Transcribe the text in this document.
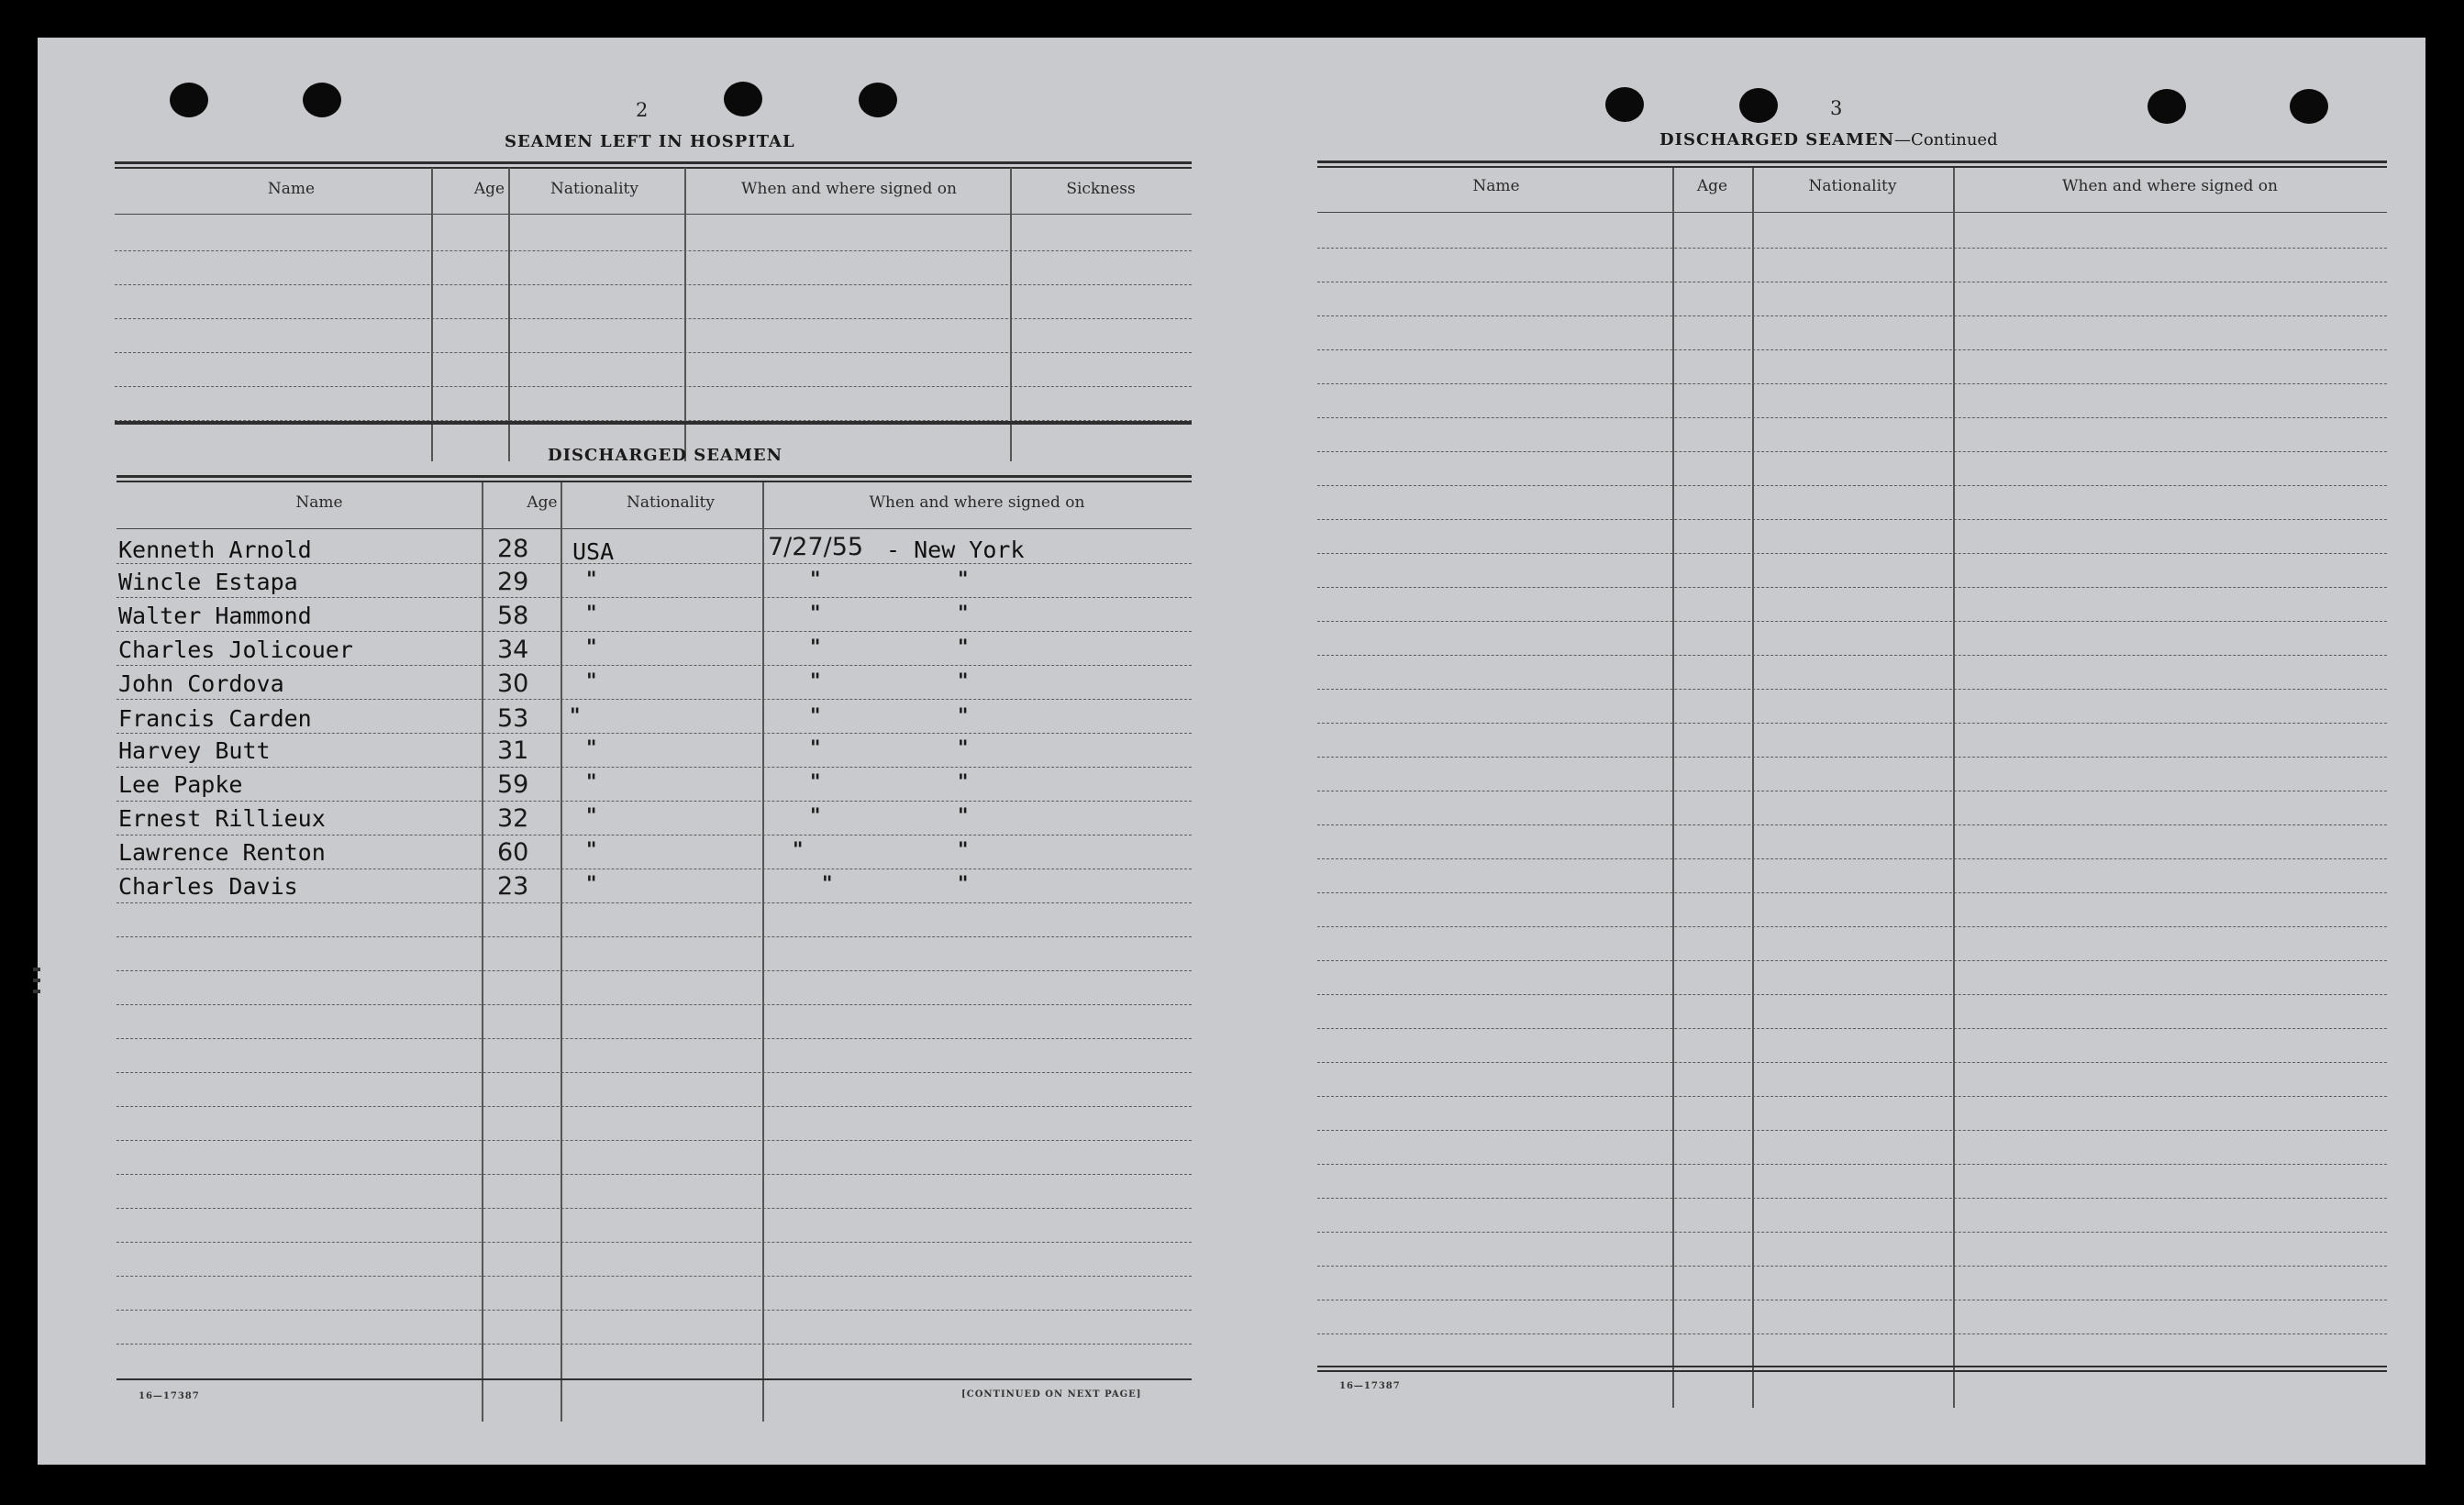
2
SEAMEN LEFT IN HOSPITAL
Name	Age	Nationality	When and where signed on	Sickness
DISCHARGED SEAMEN
Name	Age	Nationality	When and where signed on
Kenneth Arnold	28 USA	7/27/55 - New York
Wincle Estapa	29	"	"	"
Walter Hammond	58	"	"	"
Charles Jolicouer	34	"	"	"
John Cordova	30	"	"	"
Francis Carden	53 "	"	"
Harvey Butt	31	"	"	"
Lee Papke	59	"	"	"
Ernest Rillieux	32	"	"	"
Lawrence Renton	60	"	"	"
Charles Davis	23	"	"	"
16—17387	[CONTINUED ON NEXT PAGE]
3
DISCHARGED SEAMEN—Continued
Name	Age	Nationality	When and where signed on
16—17387
